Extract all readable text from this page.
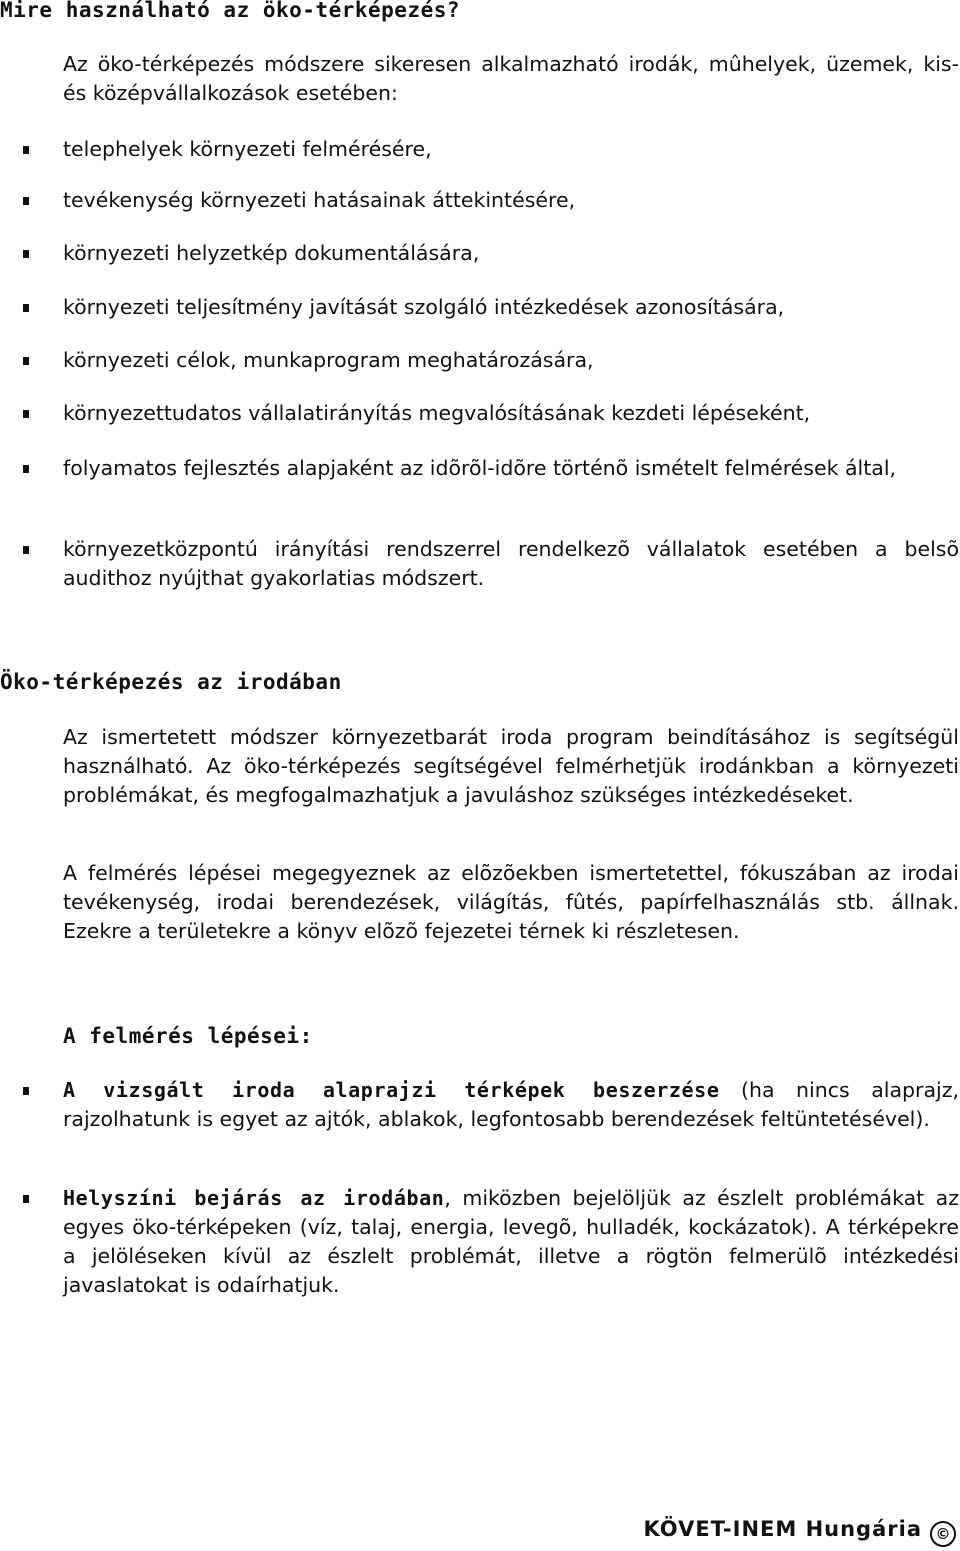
Mire használható az öko-térképezés?
Az öko-térképezés módszere sikeresen alkalmazható irodák, mûhelyek, üzemek, kis- és középvállalkozások esetében:
telephelyek környezeti felmérésére,
tevékenység környezeti hatásainak áttekintésére,
környezeti helyzetkép dokumentálására,
környezeti teljesítmény javítását szolgáló intézkedések azonosítására,
környezeti célok, munkaprogram meghatározására,
környezettudatos vállalatirányítás megvalósításának kezdeti lépéseként,
folyamatos fejlesztés alapjaként az idõrõl-idõre történõ ismételt felmérések által,
környezetközpontú irányítási rendszerrel rendelkezõ vállalatok esetében a belsõ audithoz nyújthat gyakorlatias módszert.
Öko-térképezés az irodában
Az ismertetett módszer környezetbarát iroda program beindításához is segítségül használható. Az öko-térképezés segítségével felmérhetjük irodánkban a környezeti problémákat, és megfogalmazhatjuk a javuláshoz szükséges intézkedéseket.
A felmérés lépései megegyeznek az elõzõekben ismertetettel, fókuszában az irodai tevékenység, irodai berendezések, világítás, fûtés, papírfelhasználás stb. állnak. Ezekre a területekre a könyv elõzõ fejezetei térnek ki részletesen.
A felmérés lépései:
A vizsgált iroda alaprajzi térképek beszerzése (ha nincs alaprajz, rajzolhatunk is egyet az ajtók, ablakok, legfontosabb berendezések feltüntetésével).
Helyszíni bejárás az irodában, miközben bejelöljük az észlelt problémákat az egyes öko-térképeken (víz, talaj, energia, levegõ, hulladék, kockázatok). A térképekre a jelöléseken kívül az észlelt problémát, illetve a rögtön felmerülõ intézkedési javaslatokat is odaírhatjuk.
KÖVET-INEM Hungária ©
